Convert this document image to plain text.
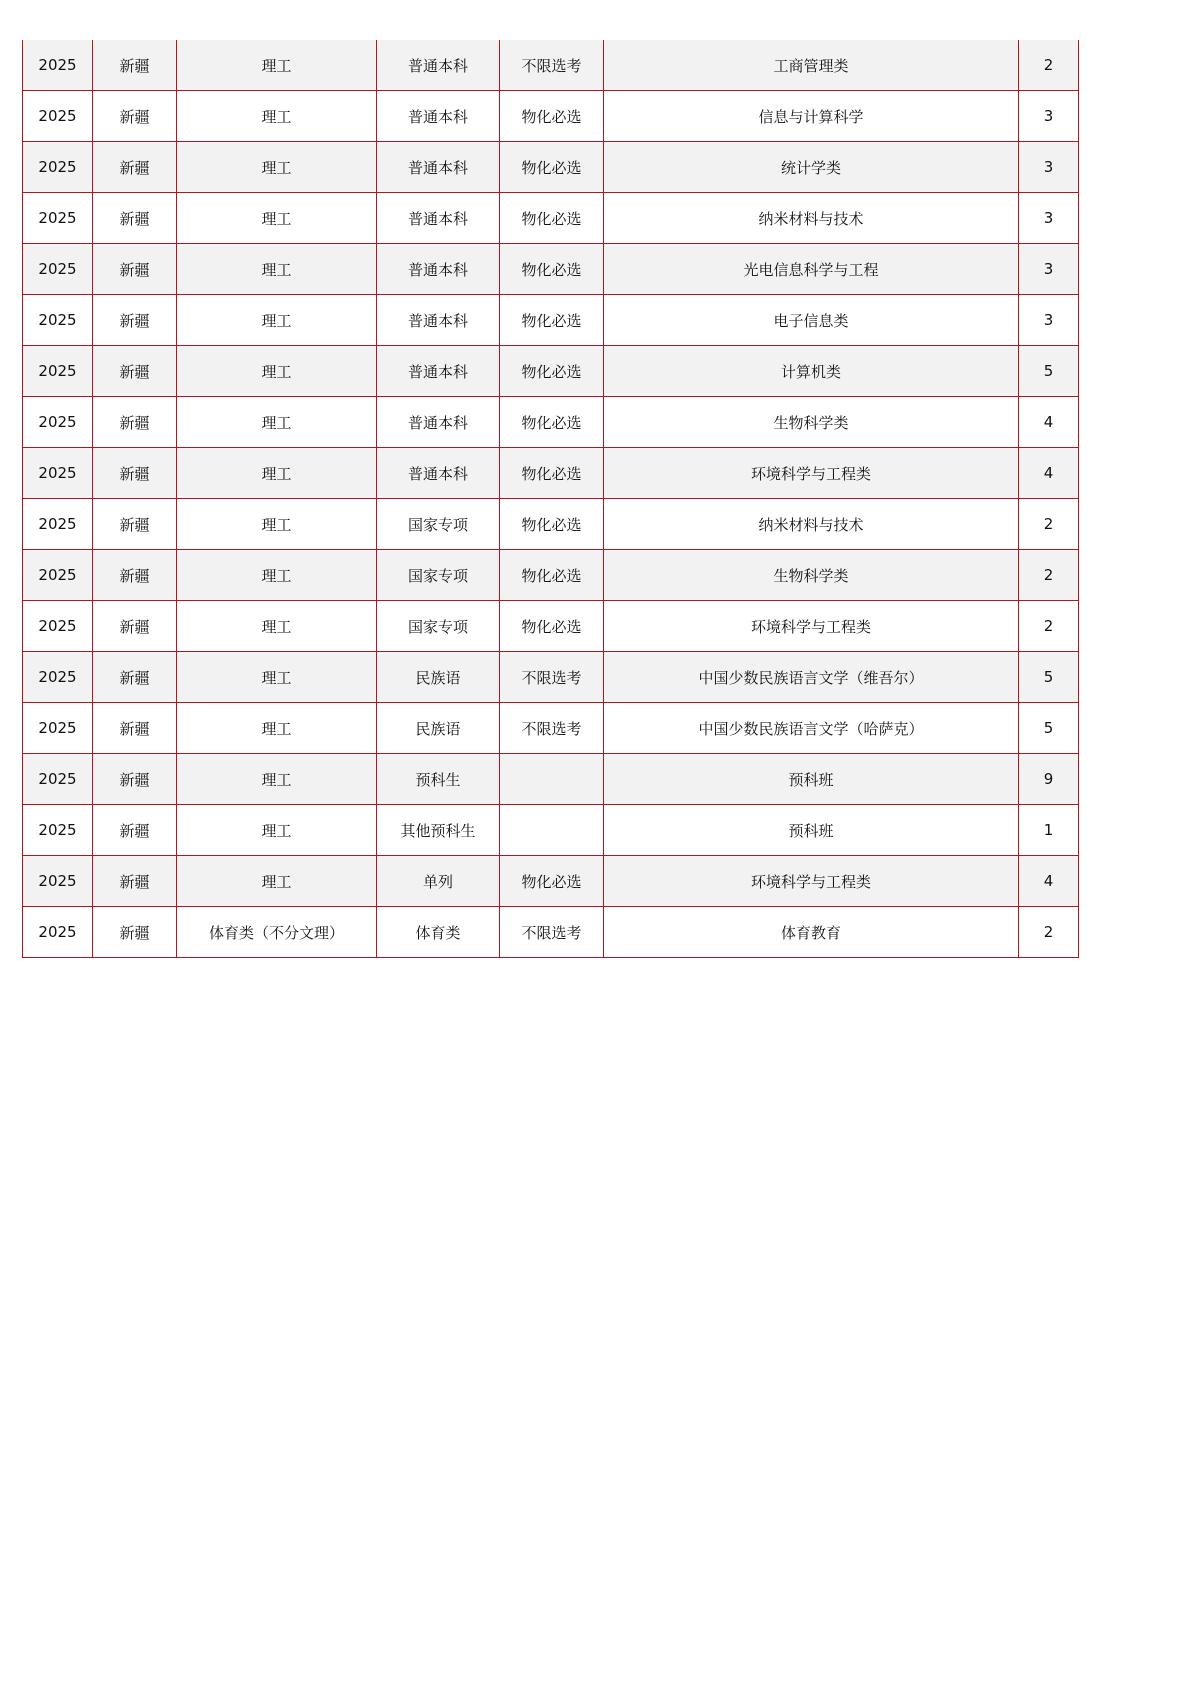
2025	新疆	理工	普通本科	不限选考	工商管理类	2
2025	新疆	理工	普通本科	物化必选	信息与计算科学	3
2025	新疆	理工	普通本科	物化必选	统计学类	3
2025	新疆	理工	普通本科	物化必选	纳米材料与技术	3
2025	新疆	理工	普通本科	物化必选	光电信息科学与工程	3
2025	新疆	理工	普通本科	物化必选	电子信息类	3
2025	新疆	理工	普通本科	物化必选	计算机类	5
2025	新疆	理工	普通本科	物化必选	生物科学类	4
2025	新疆	理工	普通本科	物化必选	环境科学与工程类	4
2025	新疆	理工	国家专项	物化必选	纳米材料与技术	2
2025	新疆	理工	国家专项	物化必选	生物科学类	2
2025	新疆	理工	国家专项	物化必选	环境科学与工程类	2
2025	新疆	理工	民族语	不限选考	中国少数民族语言文学（维吾尔）	5
2025	新疆	理工	民族语	不限选考	中国少数民族语言文学（哈萨克）	5
2025	新疆	理工	预科生		预科班	9
2025	新疆	理工	其他预科生		预科班	1
2025	新疆	理工	单列	物化必选	环境科学与工程类	4
2025	新疆	体育类（不分文理）	体育类	不限选考	体育教育	2
